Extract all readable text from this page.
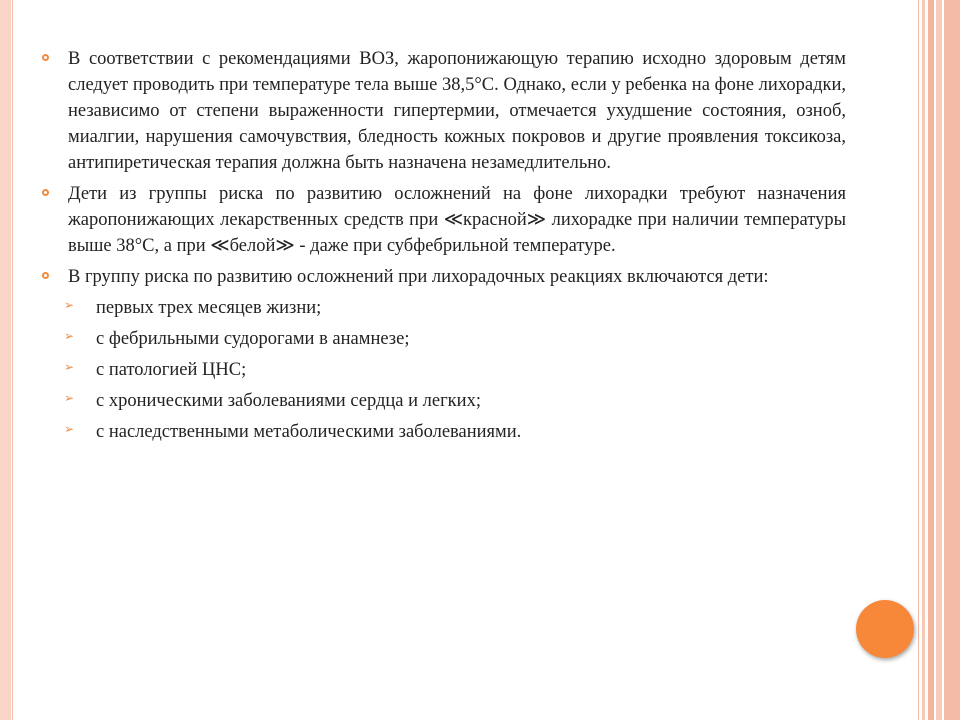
В соответствии с рекомендациями ВОЗ, жаропонижающую терапию исходно здоровым детям следует проводить при температуре тела выше 38,5°С. Однако, если у ребенка на фоне лихорадки, независимо от степени выраженности гипертермии, отмечается ухудшение состояния, озноб, миалгии, нарушения самочувствия, бледность кожных покровов и другие проявления токсикоза, антипиретическая терапия должна быть назначена незамедлительно.
Дети из группы риска по развитию осложнений на фоне лихорадки требуют назначения жаропонижающих лекарственных средств при ≪красной≫ лихорадке при наличии температуры выше 38°С, а при ≪белой≫ - даже при субфебрильной температуре.
В группу риска по развитию осложнений при лихорадочных реакциях включаются дети:
➢ первых трех месяцев жизни;
➢ с фебрильными судорогами в анамнезе;
➢ с патологией ЦНС;
➢ с хроническими заболеваниями сердца и легких;
➢ с наследственными метаболическими заболеваниями.
